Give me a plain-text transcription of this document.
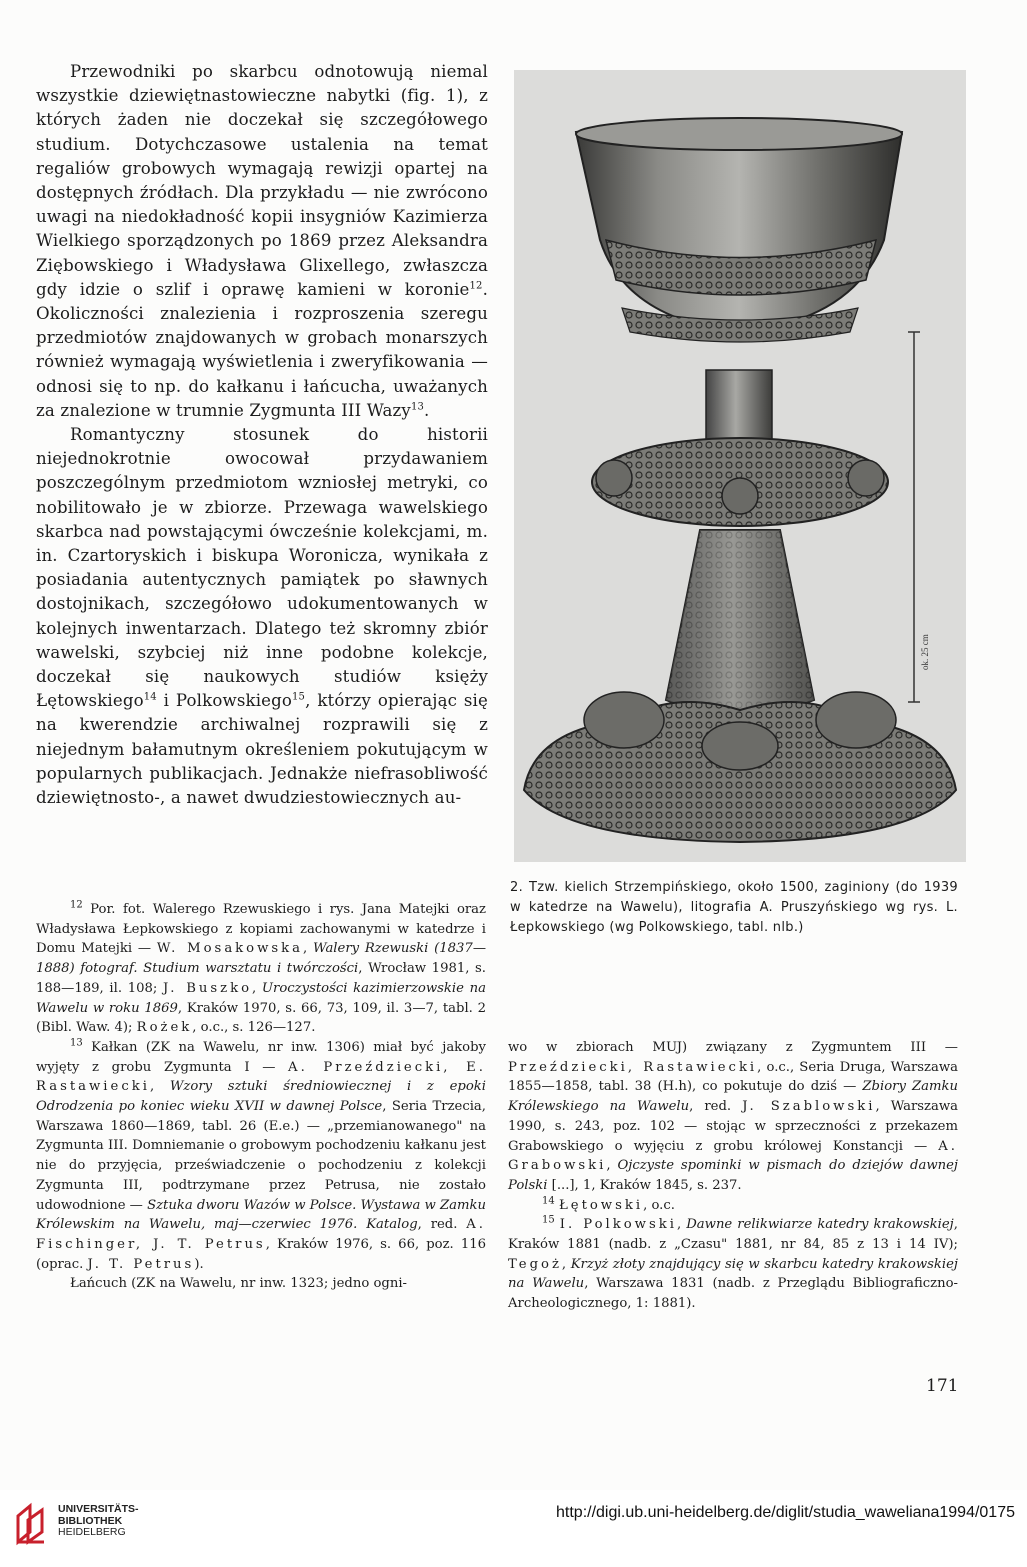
Przewodniki po skarbcu odnotowują niemal wszystkie dziewiętnastowieczne nabytki (fig. 1), z których żaden nie doczekał się szczegółowego studium. Dotychczasowe ustalenia na temat regaliów grobowych wymagają rewizji opartej na dostępnych źródłach. Dla przykładu — nie zwrócono uwagi na niedokładność kopii insygniów Kazimierza Wielkiego sporządzonych po 1869 przez Aleksandra Ziębowskiego i Władysława Glixellego, zwłaszcza gdy idzie o szlif i oprawę kamieni w koronie$^{12}$. Okoliczności znalezienia i rozproszenia szeregu przedmiotów znajdowanych w grobach monarszych również wymagają wyświetlenia i zweryfikowania — odnosi się to np. do kałkanu i łańcucha, uważanych za znalezione w trumnie Zygmunta III Wazy$^{13}$.

Romantyczny stosunek do historii niejednokrotnie owocował przydawaniem poszczególnym przedmiotom wzniosłej metryki, co nobilitowało je w zbiorze. Przewaga wawelskiego skarbca nad powstającymi ówcześnie kolekcjami, m. in. Czartoryskich i biskupa Woronicza, wynikała z posiadania autentycznych pamiątek po sławnych dostojnikach, szczegółowo udokumentowanych w kolejnych inwentarzach. Dlatego też skromny zbiór wawelski, szybciej niż inne podobne kolekcje, doczekał się naukowych studiów księży Łętowskiego$^{14}$ i Polkowskiego$^{15}$, którzy opierając się na kwerendzie archiwalnej rozprawili się z niejednym bałamutnym określeniem pokutującym w popularnych publikacjach. Jednakże niefrasobliwość dziewiętnosto-, a nawet dwudziestowiecznych au-

ok. 25 cm
2. Tzw. kielich Strzempińskiego, około 1500, zaginiony (do 1939 w katedrze na Wawelu), litografia A. Pruszyńskiego wg rys. L. Łepkowskiego (wg Polkowskiego, tabl. nlb.)

$^{12}$ Por. fot. Walerego Rzewuskiego i rys. Jana Matejki oraz Władysława Łepkowskiego z kopiami zachowanymi w katedrze i Domu Matejki — W. Mosakowska, Walery Rzewuski (1837—1888) fotograf. Studium warsztatu i twórczości, Wrocław 1981, s. 188—189, il. 108; J. Buszko, Uroczystości kazimierzowskie na Wawelu w roku 1869, Kraków 1970, s. 66, 73, 109, il. 3—7, tabl. 2 (Bibl. Waw. 4); Rożek, o.c., s. 126—127.

$^{13}$ Kałkan (ZK na Wawelu, nr inw. 1306) miał być jakoby wyjęty z grobu Zygmunta I — A. Przeździecki, E. Rastawiecki, Wzory sztuki średniowiecznej i z epoki Odrodzenia po koniec wieku XVII w dawnej Polsce, Seria Trzecia, Warszawa 1860—1869, tabl. 26 (E.e.) — „przemianowanego" na Zygmunta III. Domniemanie o grobowym pochodzeniu kałkanu jest nie do przyjęcia, przeświadczenie o pochodzeniu z kolekcji Zygmunta III, podtrzymane przez Petrusa, nie zostało udowodnione — Sztuka dworu Wazów w Polsce. Wystawa w Zamku Królewskim na Wawelu, maj—czerwiec 1976. Katalog, red. A. Fischinger, J. T. Petrus, Kraków 1976, s. 66, poz. 116 (oprac. J. T. Petrus).

Łańcuch (ZK na Wawelu, nr inw. 1323; jedno ogni-

wo w zbiorach MUJ) związany z Zygmuntem III — Przeździecki, Rastawiecki, o.c., Seria Druga, Warszawa 1855—1858, tabl. 38 (H.h), co pokutuje do dziś — Zbiory Zamku Królewskiego na Wawelu, red. J. Szablowski, Warszawa 1990, s. 243, poz. 102 — stojąc w sprzeczności z przekazem Grabowskiego o wyjęciu z grobu królowej Konstancji — A. Grabowski, Ojczyste spominki w pismach do dziejów dawnej Polski [...], 1, Kraków 1845, s. 237.

$^{14}$ Łętowski, o.c.

$^{15}$ I. Polkowski, Dawne relikwiarze katedry krakowskiej, Kraków 1881 (nadb. z „Czasu" 1881, nr 84, 85 z 13 i 14 IV); Tegoż, Krzyż złoty znajdujący się w skarbcu katedry krakowskiej na Wawelu, Warszawa 1831 (nadb. z Przeglądu Bibliograficzno-Archeologicznego, 1: 1881).

171
UNIVERSITÄTS-
BIBLIOTHEK
HEIDELBERG
http://digi.ub.uni-heidelberg.de/diglit/studia_waweliana1994/0175
